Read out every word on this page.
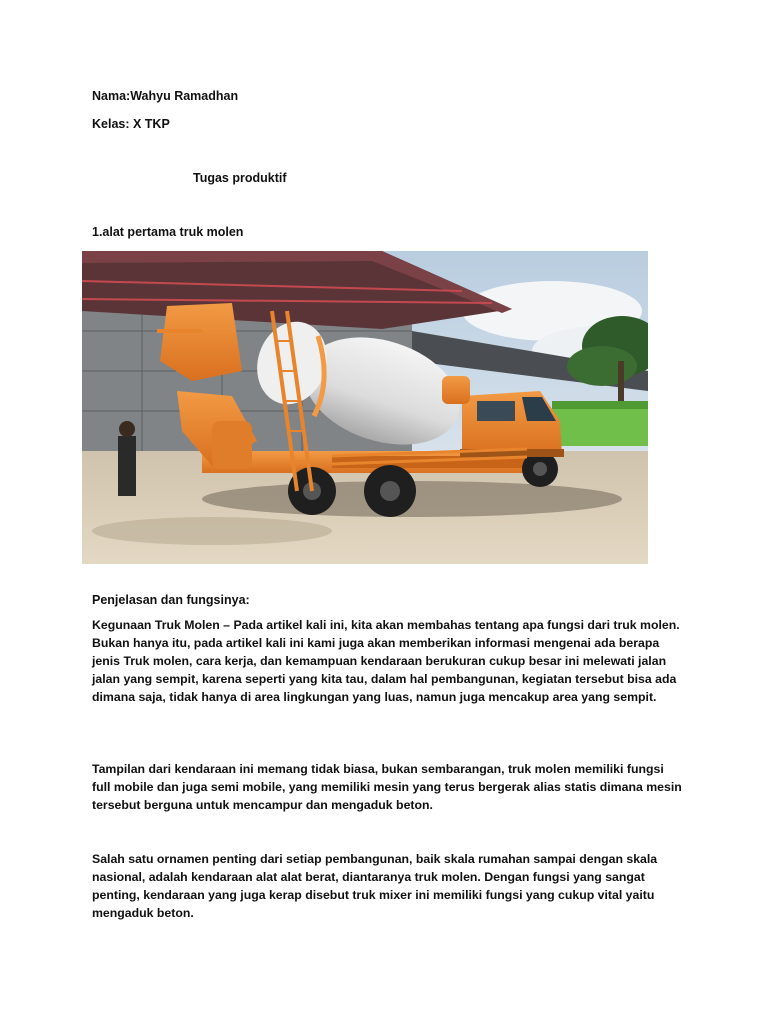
Nama:Wahyu Ramadhan
Kelas: X TKP
Tugas produktif
1.alat pertama truk molen
Penjelasan dan fungsinya:
Kegunaan Truk Molen – Pada artikel kali ini, kita akan membahas tentang apa fungsi dari truk molen. Bukan hanya itu, pada artikel kali ini kami juga akan memberikan informasi mengenai ada berapa jenis Truk molen, cara kerja, dan kemampuan kendaraan berukuran cukup besar ini melewati jalan jalan yang sempit, karena seperti yang kita tau, dalam hal pembangunan, kegiatan tersebut bisa ada dimana saja, tidak hanya di area lingkungan yang luas, namun juga mencakup area yang sempit.
Tampilan dari kendaraan ini memang tidak biasa, bukan sembarangan, truk molen memiliki fungsi full mobile dan juga semi mobile, yang memiliki mesin yang terus bergerak alias statis dimana mesin tersebut berguna untuk mencampur dan mengaduk beton.
Salah satu ornamen penting dari setiap pembangunan, baik skala rumahan sampai dengan skala nasional, adalah kendaraan alat alat berat, diantaranya truk molen. Dengan fungsi yang sangat penting, kendaraan yang juga kerap disebut truk mixer ini memiliki fungsi yang cukup vital yaitu mengaduk beton.
